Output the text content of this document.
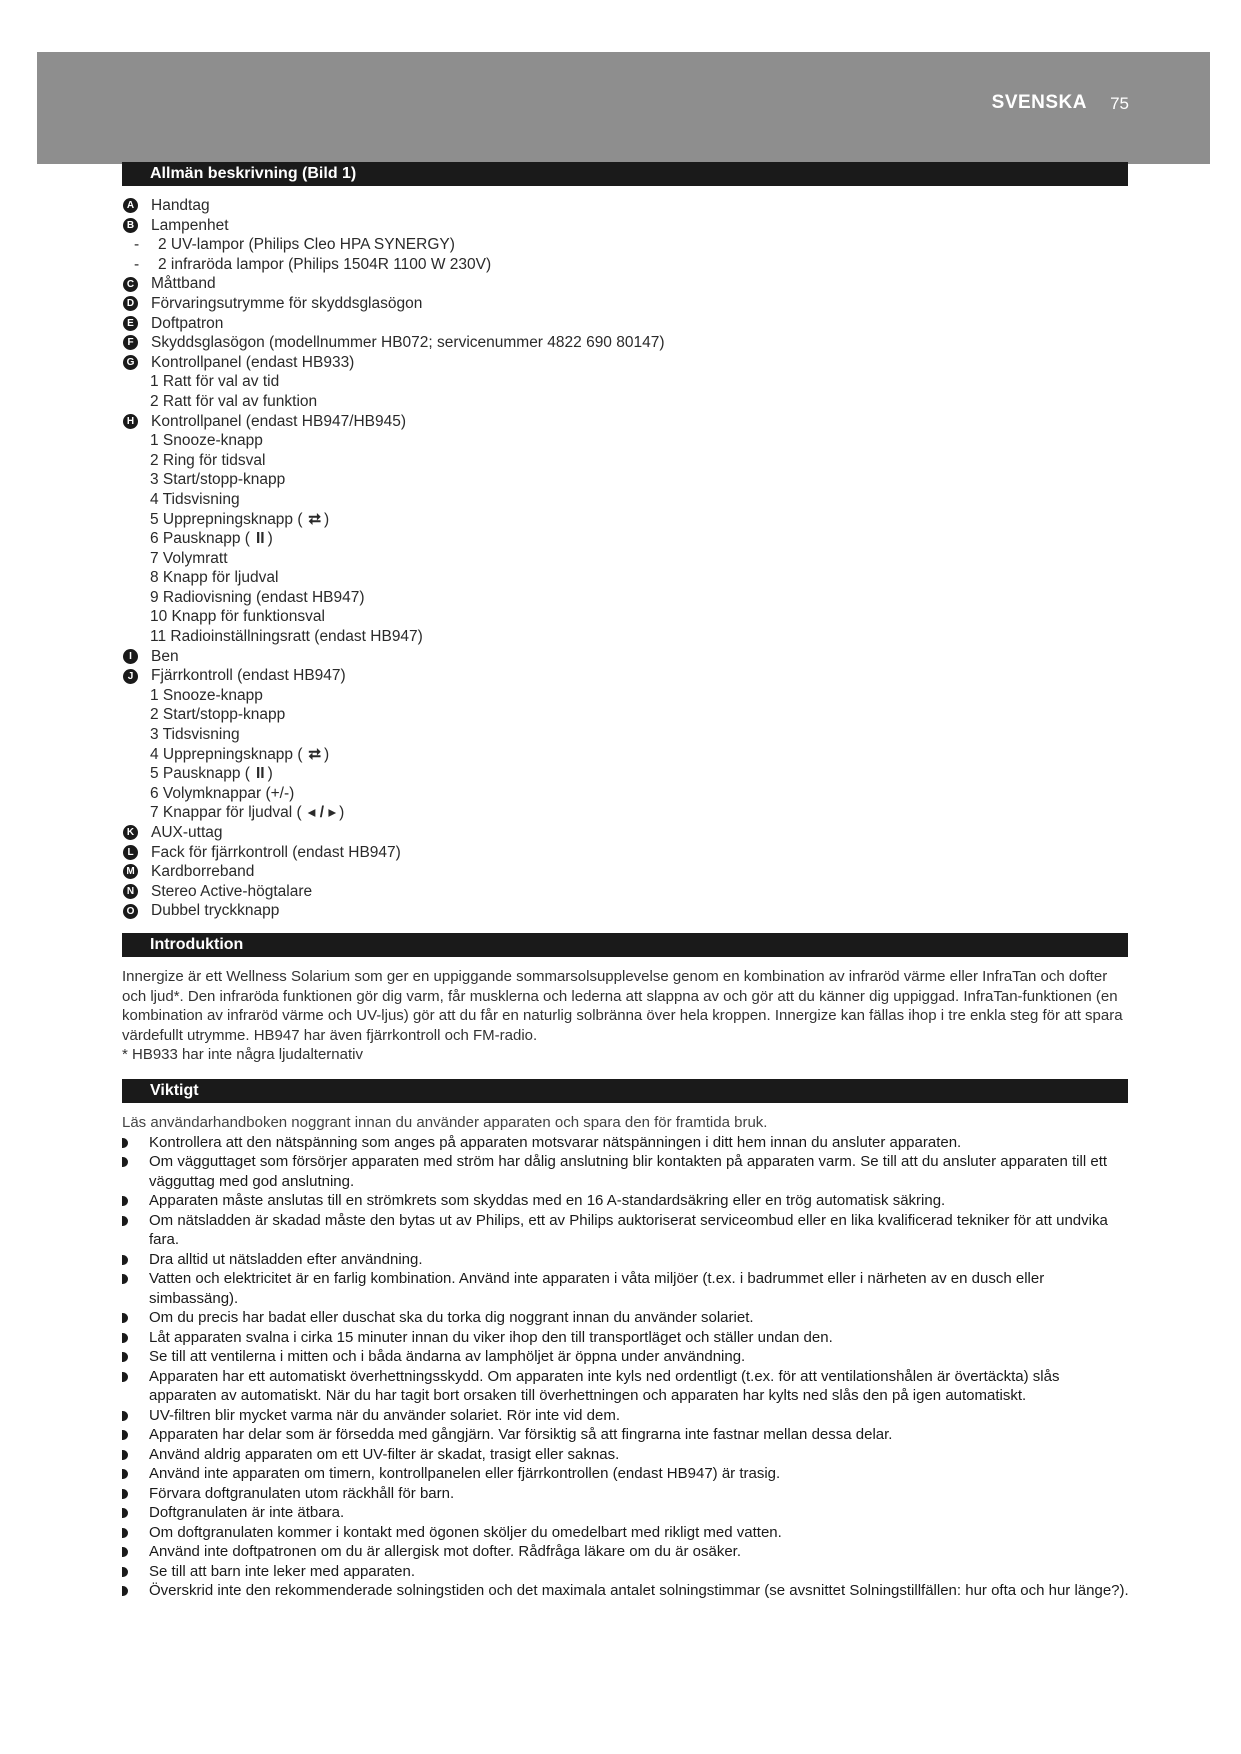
SVENSKA 75
Allmän beskrivning (Bild 1)
A Handtag
B Lampenhet
- 2 UV-lampor (Philips Cleo HPA SYNERGY)
- 2 infraröda lampor (Philips 1504R 1100 W 230V)
C Måttband
D Förvaringsutrymme för skyddsglasögon
E Doftpatron
F Skyddsglasögon (modellnummer HB072; servicenummer 4822 690 80147)
G Kontrollpanel (endast HB933)
1 Ratt för val av tid
2 Ratt för val av funktion
H Kontrollpanel (endast HB947/HB945)
1 Snooze-knapp
2 Ring för tidsval
3 Start/stopp-knapp
4 Tidsvisning
5 Upprepningsknapp ( ⮂ )
6 Pausknapp ( II )
7 Volymratt
8 Knapp för ljudval
9 Radiovisning (endast HB947)
10 Knapp för funktionsval
11 Radioinställningsratt (endast HB947)
I	Ben
J	Fjärrkontroll (endast HB947)
1 Snooze-knapp
2 Start/stopp-knapp
3 Tidsvisning
4 Upprepningsknapp ( ⮂ )
5 Pausknapp ( II )
6 Volymknappar (+/-)
7 Knappar för ljudval ( ◂ / ▸ )
K AUX-uttag
L Fack för fjärrkontroll (endast HB947)
M Kardborreband
N Stereo Active-högtalare
O Dubbel tryckknapp
Introduktion

Innergize är ett Wellness Solarium som ger en uppiggande sommarsolsupplevelse genom en kombination av infraröd värme eller InfraTan och dofter och ljud*. Den infraröda funktionen gör dig varm, får musklerna och lederna att slappna av och gör att du känner dig uppiggad. InfraTan-funktionen (en kombination av infraröd värme och UV-ljus) gör att du får en naturlig solbränna över hela kroppen. Innergize kan fällas ihop i tre enkla steg för att spara värdefullt utrymme. HB947 har även fjärrkontroll och FM-radio.

* HB933 har inte några ljudalternativ

Viktigt

Läs användarhandboken noggrant innan du använder apparaten och spara den för framtida bruk.

Kontrollera att den nätspänning som anges på apparaten motsvarar nätspänningen i ditt hem innan du ansluter apparaten.
Om vägguttaget som försörjer apparaten med ström har dålig anslutning blir kontakten på apparaten varm. Se till att du ansluter apparaten till ett vägguttag med god anslutning.
Apparaten måste anslutas till en strömkrets som skyddas med en 16 A-standardsäkring eller en trög automatisk säkring.
Om nätsladden är skadad måste den bytas ut av Philips, ett av Philips auktoriserat serviceombud eller en lika kvalificerad tekniker för att undvika fara.
Dra alltid ut nätsladden efter användning.
Vatten och elektricitet är en farlig kombination. Använd inte apparaten i våta miljöer (t.ex. i badrummet eller i närheten av en dusch eller simbassäng).
Om du precis har badat eller duschat ska du torka dig noggrant innan du använder solariet.
Låt apparaten svalna i cirka 15 minuter innan du viker ihop den till transportläget och ställer undan den.
Se till att ventilerna i mitten och i båda ändarna av lamphöljet är öppna under användning.
Apparaten har ett automatiskt överhettningsskydd. Om apparaten inte kyls ned ordentligt (t.ex. för att ventilationshålen är övertäckta) slås apparaten av automatiskt. När du har tagit bort orsaken till överhettningen och apparaten har kylts ned slås den på igen automatiskt.
UV-filtren blir mycket varma när du använder solariet. Rör inte vid dem.
Apparaten har delar som är försedda med gångjärn. Var försiktig så att fingrarna inte fastnar mellan dessa delar.
Använd aldrig apparaten om ett UV-filter är skadat, trasigt eller saknas.
Använd inte apparaten om timern, kontrollpanelen eller fjärrkontrollen (endast HB947) är trasig.
Förvara doftgranulaten utom räckhåll för barn.
Doftgranulaten är inte ätbara.
Om doftgranulaten kommer i kontakt med ögonen sköljer du omedelbart med rikligt med vatten.
Använd inte doftpatronen om du är allergisk mot dofter. Rådfråga läkare om du är osäker.
Se till att barn inte leker med apparaten.
Överskrid inte den rekommenderade solningstiden och det maximala antalet solningstimmar (se avsnittet Solningstillfällen: hur ofta och hur länge?).
